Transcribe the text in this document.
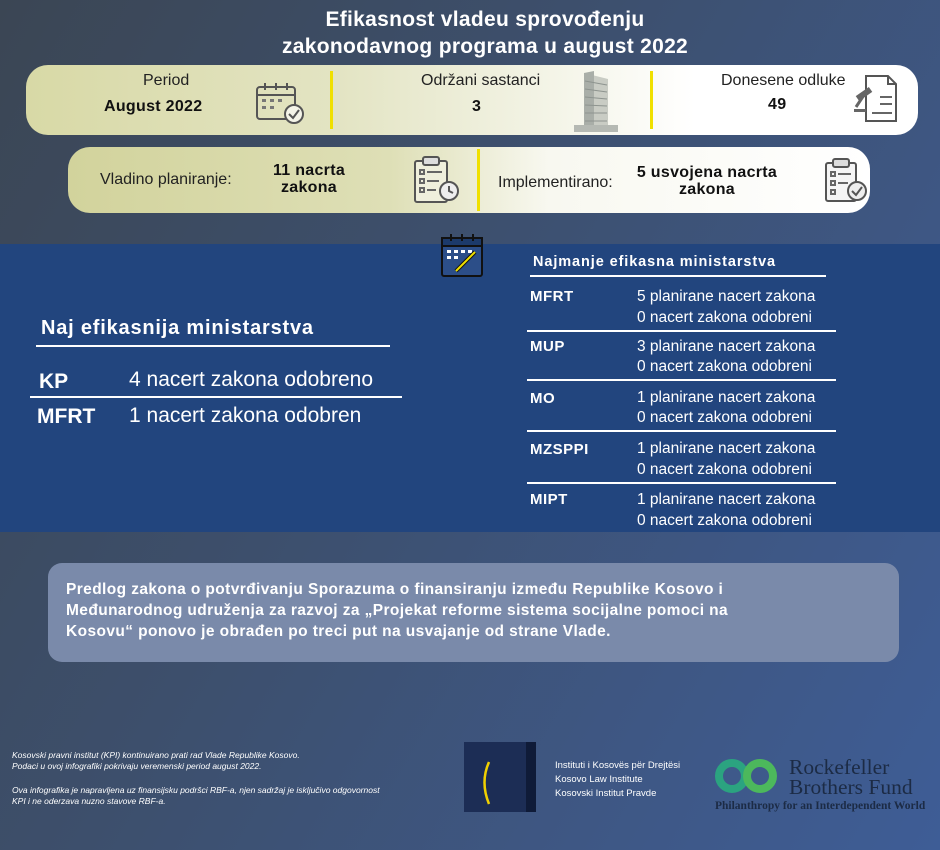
Efikasnost vladeu sprovođenju
zakonodavnog programa u august 2022
Period
August 2022
Održani sastanci
3
Donesene odluke
49
Vladino planiranje:
11 nacrta
zakona	Implementirano:
5 usvojena nacrta
zakona
Naj efikasnija ministarstva
KP	4 nacert zakona odobreno
MFRT 1 nacert zakona odobren
Najmanje efikasna ministarstva
MFRT	5 planirane nacert zakona
0 nacert zakona odobreni
MUP	3 planirane nacert zakona
0 nacert zakona odobreni
MO	1 planirane nacert zakona
0 nacert zakona odobreni
MZSPPI	1 planirane nacert zakona
0 nacert zakona odobreni
MIPT	1 planirane nacert zakona
0 nacert zakona odobreni
Predlog zakona o potvrđivanju Sporazuma o finansiranju između Republike Kosovo i
Međunarodnog udruženja za razvoj za „Projekat reforme sistema socijalne pomoci na
Kosovu“ ponovo je obrađen po treci put na usvajanje od strane Vlade.
Kosovski pravni institut (KPI) kontinuirano prati rad Vlade Republike Kosovo.
Podaci u ovoj infografiki pokrivaju veremenski period august 2022.
Ova infografika je napravljena uz finansijsku podršci RBF-a, njen sadržaj je isključivo odgovornost
KPI i ne oderzava nuzno stavove RBF-a.
Instituti i Kosovës për Drejtësi
Kosovo Law Institute
Kosovski Institut Pravde
Rockefeller
Brothers Fund
Philanthropy for an Interdependent World
